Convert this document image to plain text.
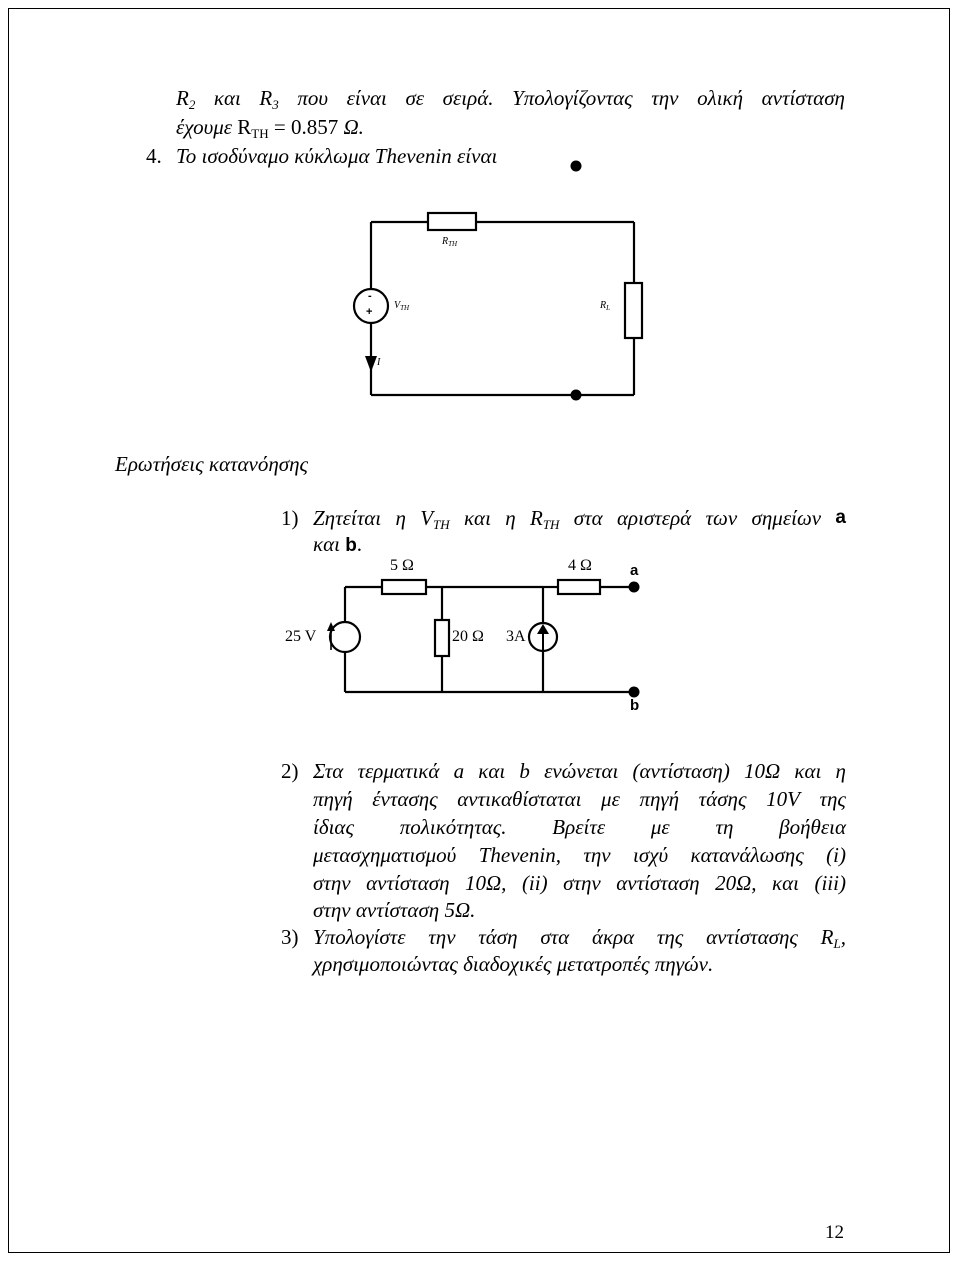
$R_2$ και $R_3$ που είναι σε σειρά. Υπολογίζοντας την ολική αντίσταση
έχουμε $R_{TH} = 0.857$ Ω.
4. Το ισοδύναμο κύκλωμα Thevenin είναι
$R_{TH}$
$V_{TH}$	$R_L$
-
+
I
Ερωτήσεις κατανόησης
1) Ζητείται η $V_{TH}$ και η $R_{TH}$ στα αριστερά των σημείων a
και b.
5 Ω	4 Ω	a
25 V	20 Ω 3A
b
2) Στα τερματικά a και b ενώνεται (αντίσταση) 10Ω και η
πηγή έντασης αντικαθίσταται με πηγή τάσης 10V της
ίδιας πολικότητας. Βρείτε με τη βοήθεια
μετασχηματισμού Thevenin, την ισχύ κατανάλωσης (i)
στην αντίσταση 10Ω, (ii) στην αντίσταση 20Ω, και (iii)
στην αντίσταση 5Ω.
3) Υπολογίστε την τάση στα άκρα της αντίστασης $R_L$,
χρησιμοποιώντας διαδοχικές μετατροπές πηγών.
12
